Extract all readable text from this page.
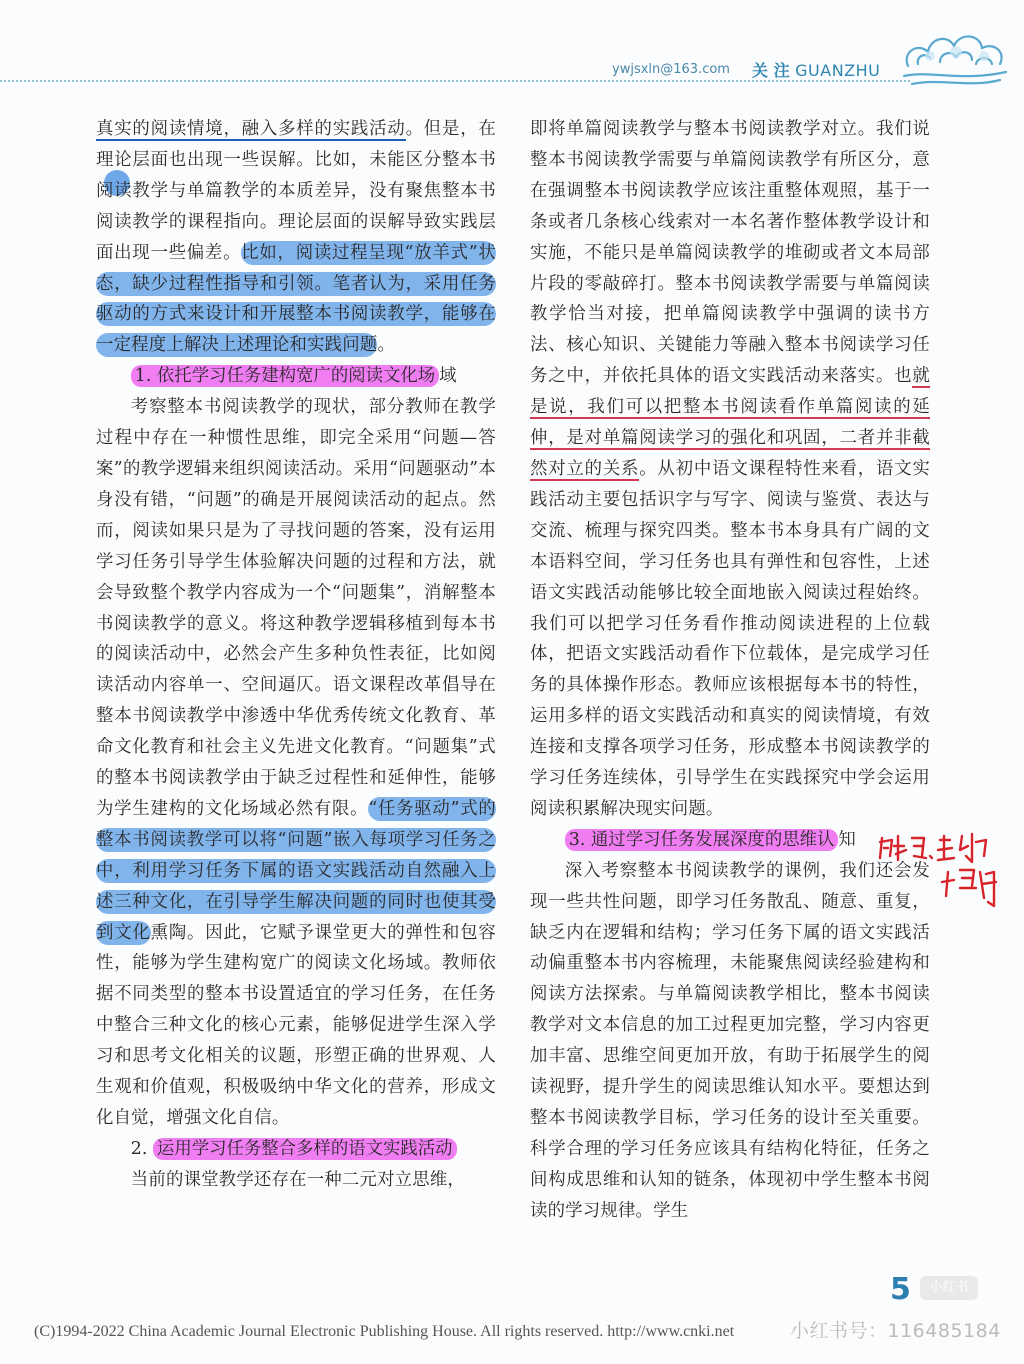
ywjsxln@163.com 关 注 GUANZHU

真实的阅读情境，融入多样的实践活动。但是，在理论层面也出现一些误解。比如，未能区分整本书阅读教学与单篇教学的本质差异，没有聚焦整本书阅读教学的课程指向。理论层面的误解导致实践层面出现一些偏差。比如，阅读过程呈现“放羊式”状态，缺少过程性指导和引领。笔者认为，采用任务驱动的方式来设计和开展整本书阅读教学，能够在一定程度上解决上述理论和实践问题。

1. 依托学习任务建构宽广的阅读文化场 域

考察整本书阅读教学的现状，部分教师在教学过程中存在一种惯性思维，即完全采用“问题—答案”的教学逻辑来组织阅读活动。采用“问题驱动”本身没有错，“问题”的确是开展阅读活动的起点。然而，阅读如果只是为了寻找问题的答案，没有运用学习任务引导学生体验解决问题的过程和方法，就会导致整个教学内容成为一个“问题集”，消解整本书阅读教学的意义。将这种教学逻辑移植到每本书的阅读活动中，必然会产生多种负性表征，比如阅读活动内容单一、空间逼仄。语文课程改革倡导在整本书阅读教学中渗透中华优秀传统文化教育、革命文化教育和社会主义先进文化教育。“问题集”式的整本书阅读教学由于缺乏过程性和延伸性，能够为学生建构的文化场域必然有限。“任务驱动”式的整本书阅读教学可以将“问题”嵌入每项学习任务之中，利用学习任务下属的语文实践活动自然融入上述三种文化，在引导学生解决问题的同时也使其受到文化熏陶。因此，它赋予课堂更大的弹性和包容性，能够为学生建构宽广的阅读文化场域。教师依据不同类型的整本书设置适宜的学习任务，在任务中整合三种文化的核心元素，能够促进学生深入学习和思考文化相关的议题，形塑正确的世界观、人生观和价值观，积极吸纳中华文化的营养，形成文化自觉，增强文化自信。

2. 运用学习任务整合多样的语文实践活动

当前的课堂教学还存在一种二元对立思维，

即将单篇阅读教学与整本书阅读教学对立。我们说整本书阅读教学需要与单篇阅读教学有所区分，意在强调整本书阅读教学应该注重整体观照，基于一条或者几条核心线索对一本名著作整体教学设计和实施，不能只是单篇阅读教学的堆砌或者文本局部片段的零敲碎打。整本书阅读教学需要与单篇阅读教学恰当对接，把单篇阅读教学中强调的读书方法、核心知识、关键能力等融入整本书阅读学习任务之中，并依托具体的语文实践活动来落实。也就是说，我们可以把整本书阅读看作单篇阅读的延伸，是对单篇阅读学习的强化和巩固，二者并非截然对立的关系。从初中语文课程特性来看，语文实践活动主要包括识字与写字、阅读与鉴赏、表达与交流、梳理与探究四类。整本书本身具有广阔的文本语料空间，学习任务也具有弹性和包容性，上述语文实践活动能够比较全面地嵌入阅读过程始终。我们可以把学习任务看作推动阅读进程的上位载体，把语文实践活动看作下位载体，是完成学习任务的具体操作形态。教师应该根据每本书的特性，运用多样的语文实践活动和真实的阅读情境，有效连接和支撑各项学习任务，形成整本书阅读教学的学习任务连续体，引导学生在实践探究中学会运用阅读积累解决现实问题。

3. 通过学习任务发展深度的思维认 知

深入考察整本书阅读教学的课例，我们还会发现一些共性问题，即学习任务散乱、随意、重复，缺乏内在逻辑和结构；学习任务下属的语文实践活动偏重整本书内容梳理，未能聚焦阅读经验建构和阅读方法探索。与单篇阅读教学相比，整本书阅读教学对文本信息的加工过程更加完整，学习内容更加丰富、思维空间更加开放，有助于拓展学生的阅读视野，提升学生的阅读思维认知水平。要想达到整本书阅读教学目标，学习任务的设计至关重要。科学合理的学习任务应该具有结构化特征，任务之间构成思维和认知的链条，体现初中学生整本书阅读的学习规律。学生

5	小红书
小红书号：116485184
(C)1994-2022 China Academic Journal Electronic Publishing House. All rights reserved. http://www.cnki.net
